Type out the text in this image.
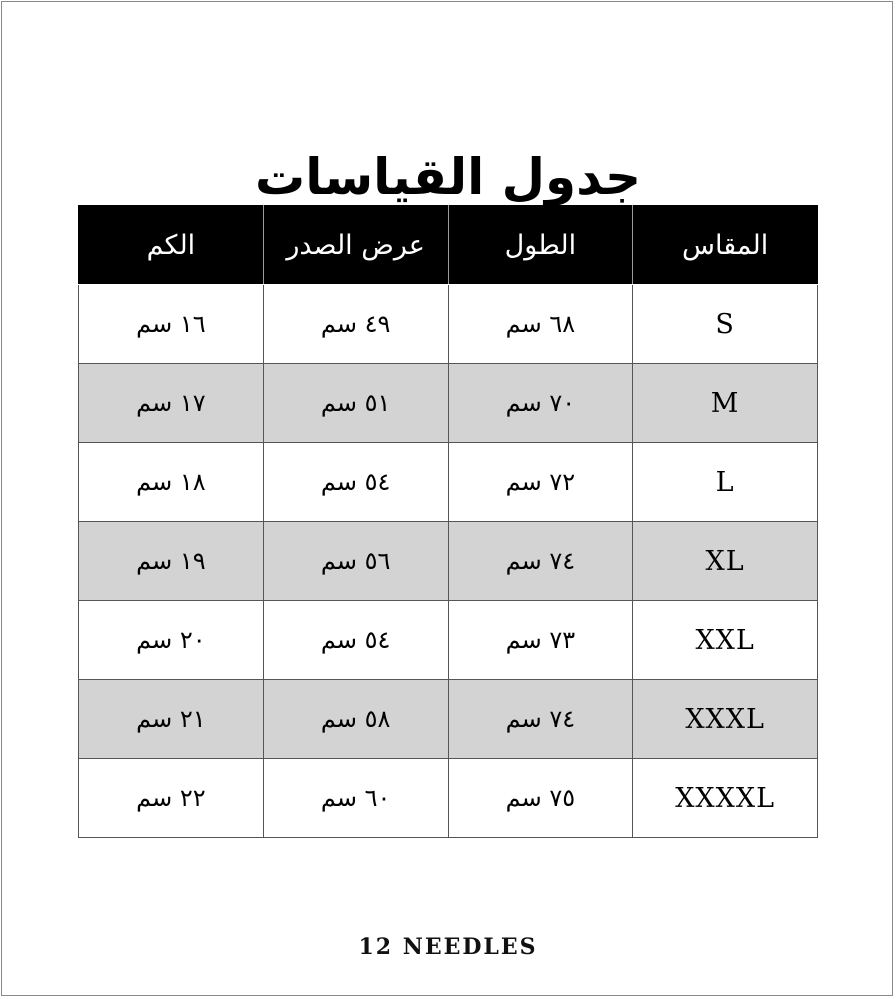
جدول القياسات
المقاس	الطول	عرض الصدر	الكم
S	٦٨ سم	٤٩ سم	١٦ سم
M	٧٠ سم	٥١ سم	١٧ سم
L	٧٢ سم	٥٤ سم	١٨ سم
XL	٧٤ سم	٥٦ سم	١٩ سم
XXL	٧٣ سم	٥٤ سم	٢٠ سم
XXXL	٧٤ سم	٥٨ سم	٢١ سم
XXXXL	٧٥ سم	٦٠ سم	٢٢ سم
12 NEEDLES
